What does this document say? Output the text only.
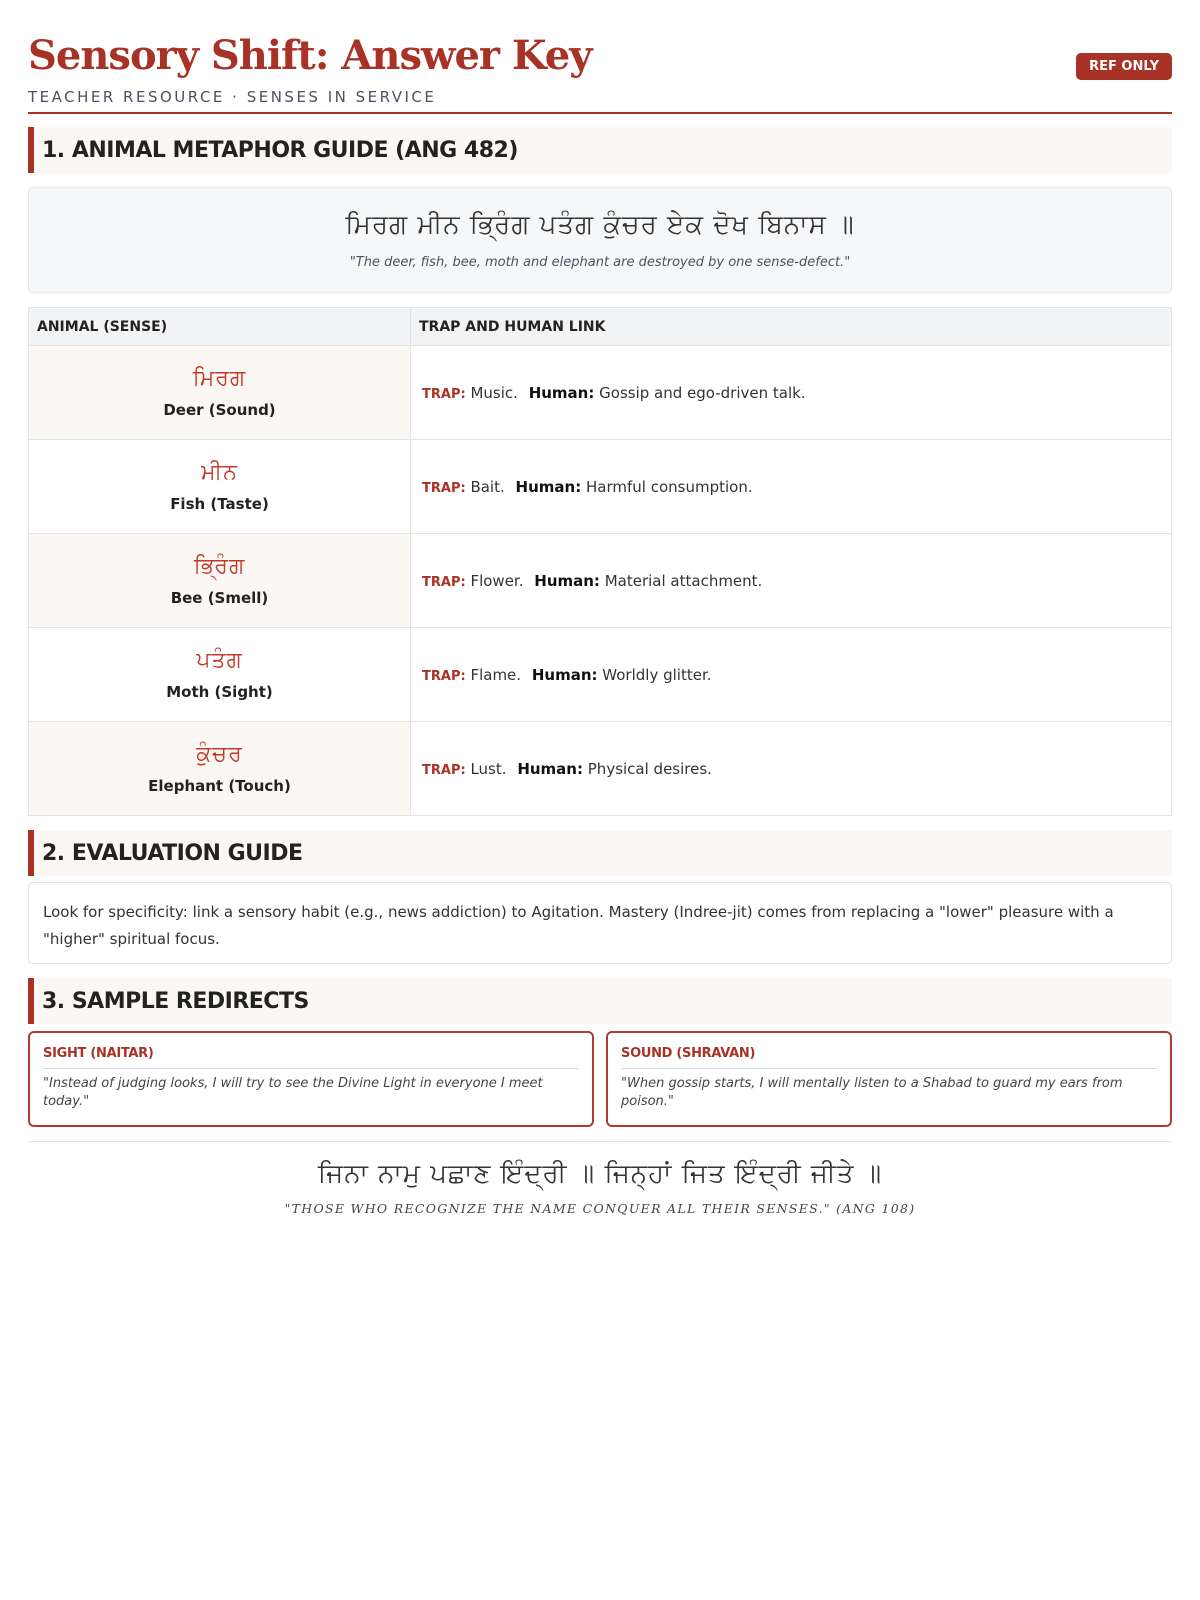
Sensory Shift: Answer Key
TEACHER RESOURCE · SENSES IN SERVICE
REF ONLY
1. ANIMAL METAPHOR GUIDE (ANG 482)
ਮਿਰਗ ਮੀਨ ਭ੍ਰਿੰਗ ਪਤੰਗ ਕੁੰਚਰ ਏਕ ਦੋਖ ਬਿਨਾਸ ॥
"The deer, fish, bee, moth and elephant are destroyed by one sense-defect."
ANIMAL (SENSE)	TRAP AND HUMAN LINK

ਮਿਰਗ
Deer (Sound)	TRAP: Music. Human: Gossip and ego-driven talk.

ਮੀਨ
Fish (Taste)	TRAP: Bait. Human: Harmful consumption.

ਭ੍ਰਿੰਗ
Bee (Smell)	TRAP: Flower. Human: Material attachment.

ਪਤੰਗ
Moth (Sight)	TRAP: Flame. Human: Worldly glitter.

ਕੁੰਚਰ
Elephant (Touch)	TRAP: Lust. Human: Physical desires.
2. EVALUATION GUIDE
Look for specificity: link a sensory habit (e.g., news addiction) to Agitation. Mastery (Indree-jit) comes from replacing a "lower" pleasure with a "higher" spiritual focus.
3. SAMPLE REDIRECTS
SIGHT (NAITAR)
"Instead of judging looks, I will try to see the Divine Light in everyone I meet today."
SOUND (SHRAVAN)
"When gossip starts, I will mentally listen to a Shabad to guard my ears from poison."
ਜਿਨਾ ਨਾਮੁ ਪਛਾਣ ਇੰਦ੍ਰੀ ॥ ਜਿਨ੍ਹਾਂ ਜਿਤ ਇੰਦ੍ਰੀ ਜੀਤੇ ॥
"THOSE WHO RECOGNIZE THE NAME CONQUER ALL THEIR SENSES." (ANG 108)
